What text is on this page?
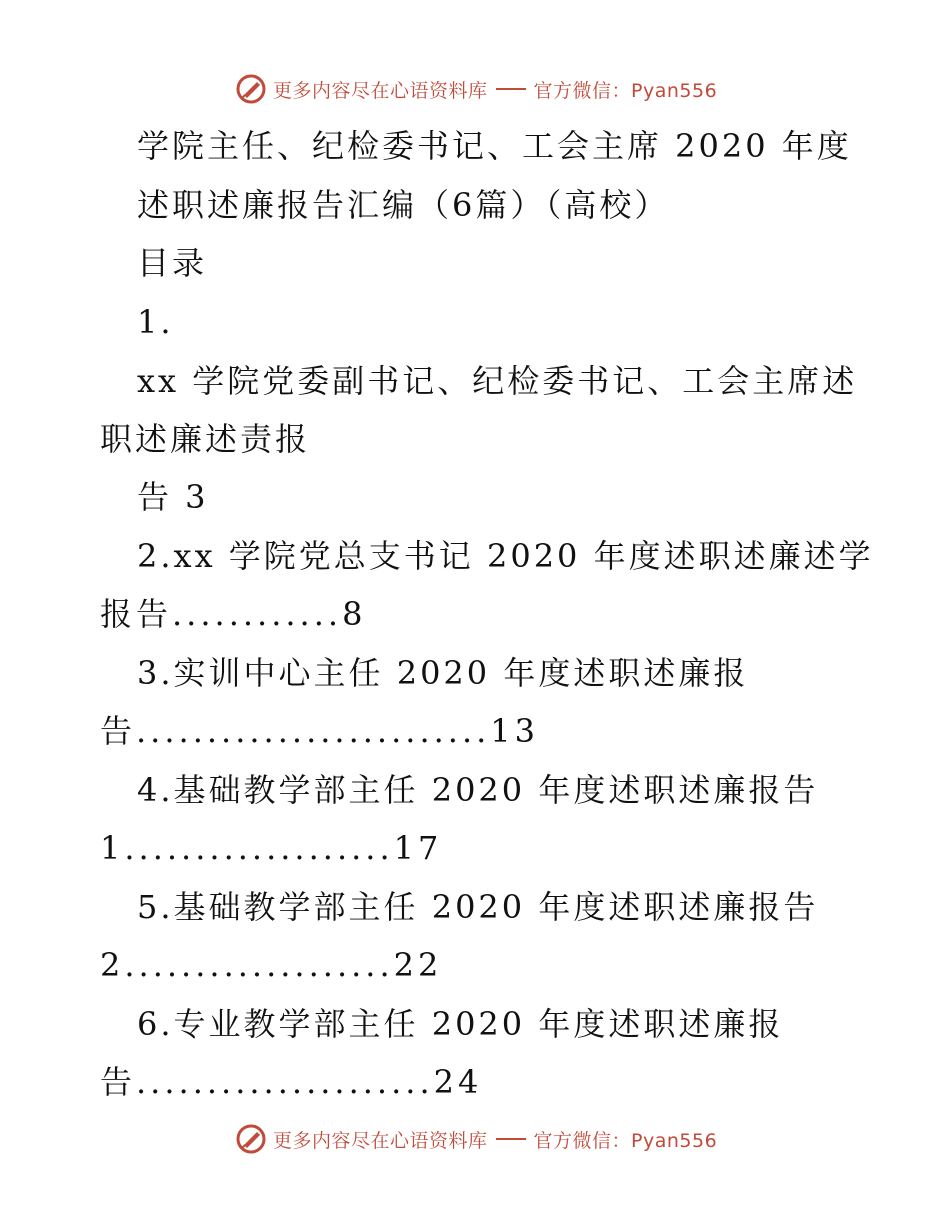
更多内容尽在心语资料库 官方微信：Pyan556
学院主任、纪检委书记、工会主席 2020 年度
述职述廉报告汇编（6篇）（高校）
目录
1.
xx 学院党委副书记、纪检委书记、工会主席述
职述廉述责报
告 3
2.xx 学院党总支书记 2020 年度述职述廉述学
报告............8
3.实训中心主任 2020 年度述职述廉报
告.........................13
4.基础教学部主任 2020 年度述职述廉报告
1...................17
5.基础教学部主任 2020 年度述职述廉报告
2...................22
6.专业教学部主任 2020 年度述职述廉报
告.....................24
更多内容尽在心语资料库 官方微信：Pyan556
